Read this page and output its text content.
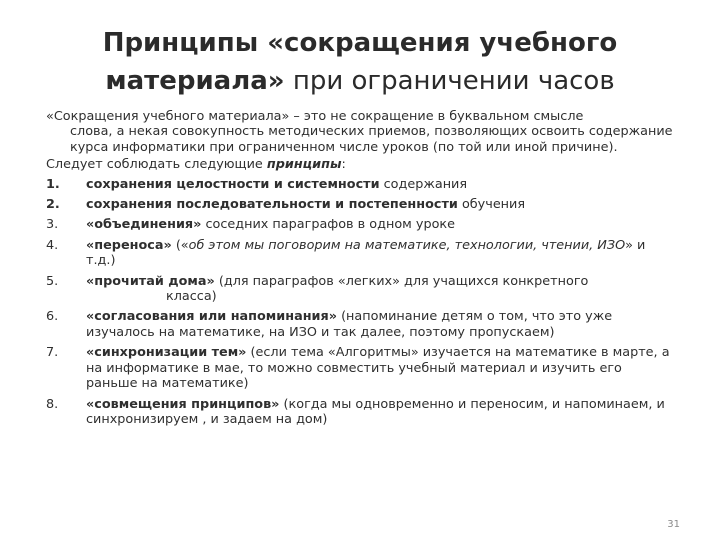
Принципы «сокращения учебного
материала» при ограничении часов
«Сокращения учебного материала» – это не сокращение в буквальном смысле
слова, а некая совокупность методических приемов, позволяющих освоить содержание курса информатики при ограниченном числе уроков (по той или иной причине).
Следует соблюдать следующие принципы:
1.	сохранения целостности и системности содержания
2.	сохранения последовательности и постепенности обучения
3.	«объединения» соседних параграфов в одном уроке
4.	«переноса» («об этом мы поговорим на математике, технологии, чтении, ИЗО» и т.д.)
5.	«прочитай дома» (для параграфов «легких» для учащихся конкретного
класса)
6.	«согласования или напоминания» (напоминание детям о том, что это уже изучалось на математике, на ИЗО и так далее, поэтому пропускаем)
7.	«синхронизации тем» (если тема «Алгоритмы» изучается на математике в марте, а на информатике в мае, то можно совместить учебный материал и изучить его раньше на математике)
8.	«совмещения принципов» (когда мы одновременно и переносим, и напоминаем, и синхронизируем , и задаем на дом)
31
